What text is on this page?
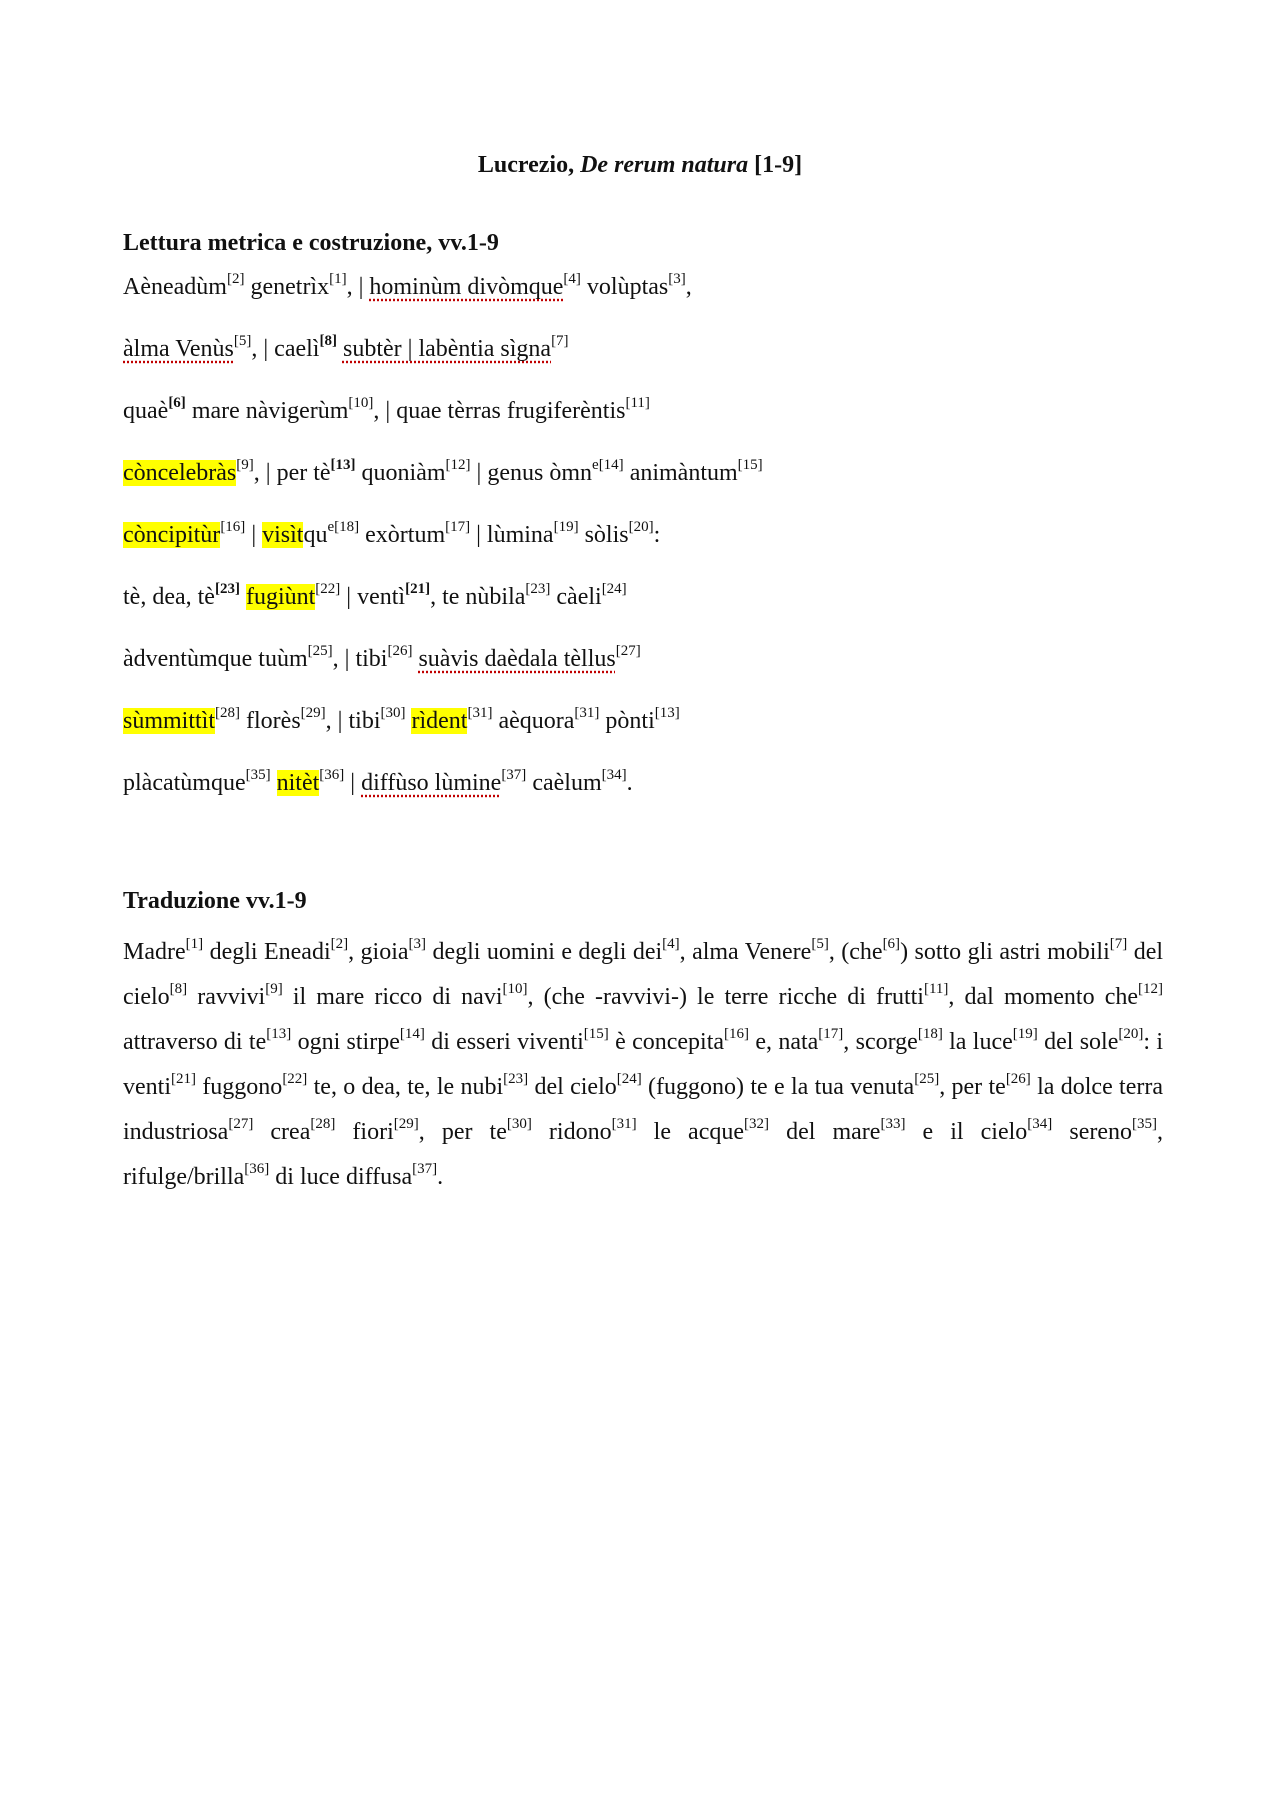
Lucrezio, De rerum natura [1-9]
Lettura metrica e costruzione, vv.1-9
Aèneadùm[2] genetrìx[1], | hominùm divòmque[4] volùptas[3],
àlma Venùs[5], | caelì[8] subtèr | labèntia sìgna[7]
quaè[6] mare nàvigerùm[10], | quae tèrras frugiferèntis[11]
còncelebràs[9], | per tè[13] quoniàm[12] | genus òmn$^{e[14]}$ animàntum[15]
còncipitùr[16] | visìtqu$^{e[18]}$ exòrtum[17] | lùmina[19] sòlis[20]:
tè, dea, tè[23] fugiùnt[22] | ventì[21], te nùbila[23] càeli[24]
àdventùmque tuùm[25], | tibi[26] suàvis daèdala tèllus[27]
sùmmittìt[28] florès[29], | tibi[30] rìdent[31] aèquora[31] pònti[13]
plàcatùmque[35] nitèt[36] | diffùso lùmine[37] caèlum[34].
Traduzione vv.1-9

Madre[1] degli Eneadi[2], gioia[3] degli uomini e degli dei[4], alma Venere[5], (che[6]) sotto gli astri mobili[7] del cielo[8] ravvivi[9] il mare ricco di navi[10], (che -ravvivi-) le terre ricche di frutti[11], dal momento che[12] attraverso di te[13] ogni stirpe[14] di esseri viventi[15] è concepita[16] e, nata[17], scorge[18] la luce[19] del sole[20]: i venti[21] fuggono[22] te, o dea, te, le nubi[23] del cielo[24] (fuggono) te e la tua venuta[25], per te[26] la dolce terra industriosa[27] crea[28] fiori[29], per te[30] ridono[31] le acque[32] del mare[33] e il cielo[34] sereno[35], rifulge/brilla[36] di luce diffusa[37].
